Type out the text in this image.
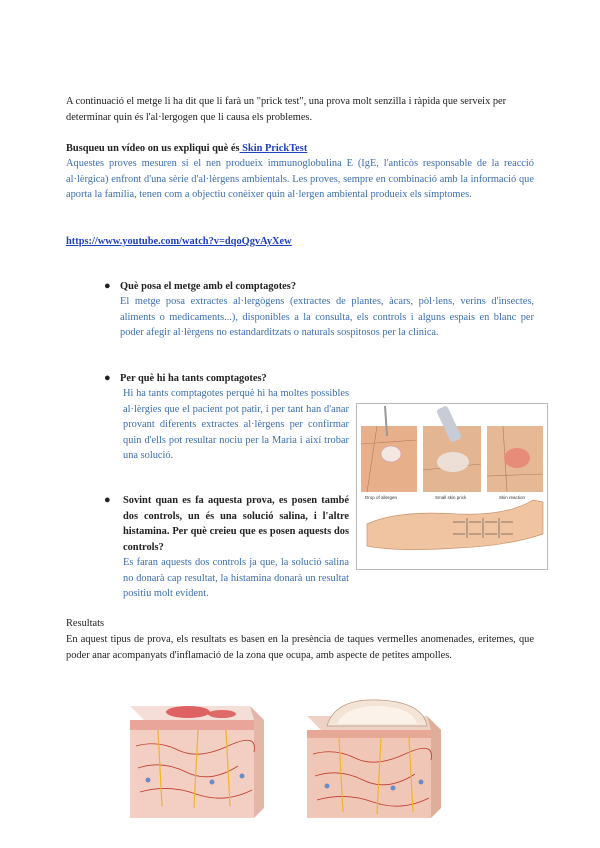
A continuació el metge li ha dit que li farà un "prick test", una prova molt senzilla i ràpida que serveix per determinar quin és l'al·lergogen que li causa els problemes.
Busqueu un vídeo on us expliqui què és Skin PrickTest
Aquestes proves mesuren si el nen produeix immunoglobulina E (IgE, l'anticòs responsable de la reacció al·lèrgica) enfront d'una sèrie d'al·lèrgens ambientals. Les proves, sempre en combinació amb la informació que aporta la família, tenen com a objectiu conèixer quin al·lergen ambiental produeix els símptomes.
https://www.youtube.com/watch?v=dqoQgvAyXew
● Què posa el metge amb el comptagotes?
El metge posa extractes al·lergògens (extractes de plantes, àcars, pòl·lens, verins d'insectes, aliments o medicaments...), disponibles a la consulta, els controls i alguns espais en blanc per poder afegir al·lèrgens no estandarditzats o naturals sospitosos per la clínica.
● Per què hi ha tants comptagotes?
Hi ha tants comptagotes perquè hi ha moltes possibles al·lèrgies que el pacient pot patir, i per tant han d'anar provant diferents extractes al·lèrgens per confirmar quin d'ells pot resultar nociu per la Maria i així trobar una solució.
● Sovint quan es fa aquesta prova, es posen també dos controls, un és una solució salina, i l'altre histamina. Per què creieu que es posen aquests dos controls?
Es faran aquests dos controls ja que, la solució salina no donarà cap resultat, la histamina donarà un resultat positiu molt evident.
Drop of allergen	Small skin prick	Skin reaction
Resultats
En aquest tipus de prova, els resultats es basen en la presència de taques vermelles anomenades, eritemes, que poder anar acompanyats d'inflamació de la zona que ocupa, amb aspecte de petites ampolles.
